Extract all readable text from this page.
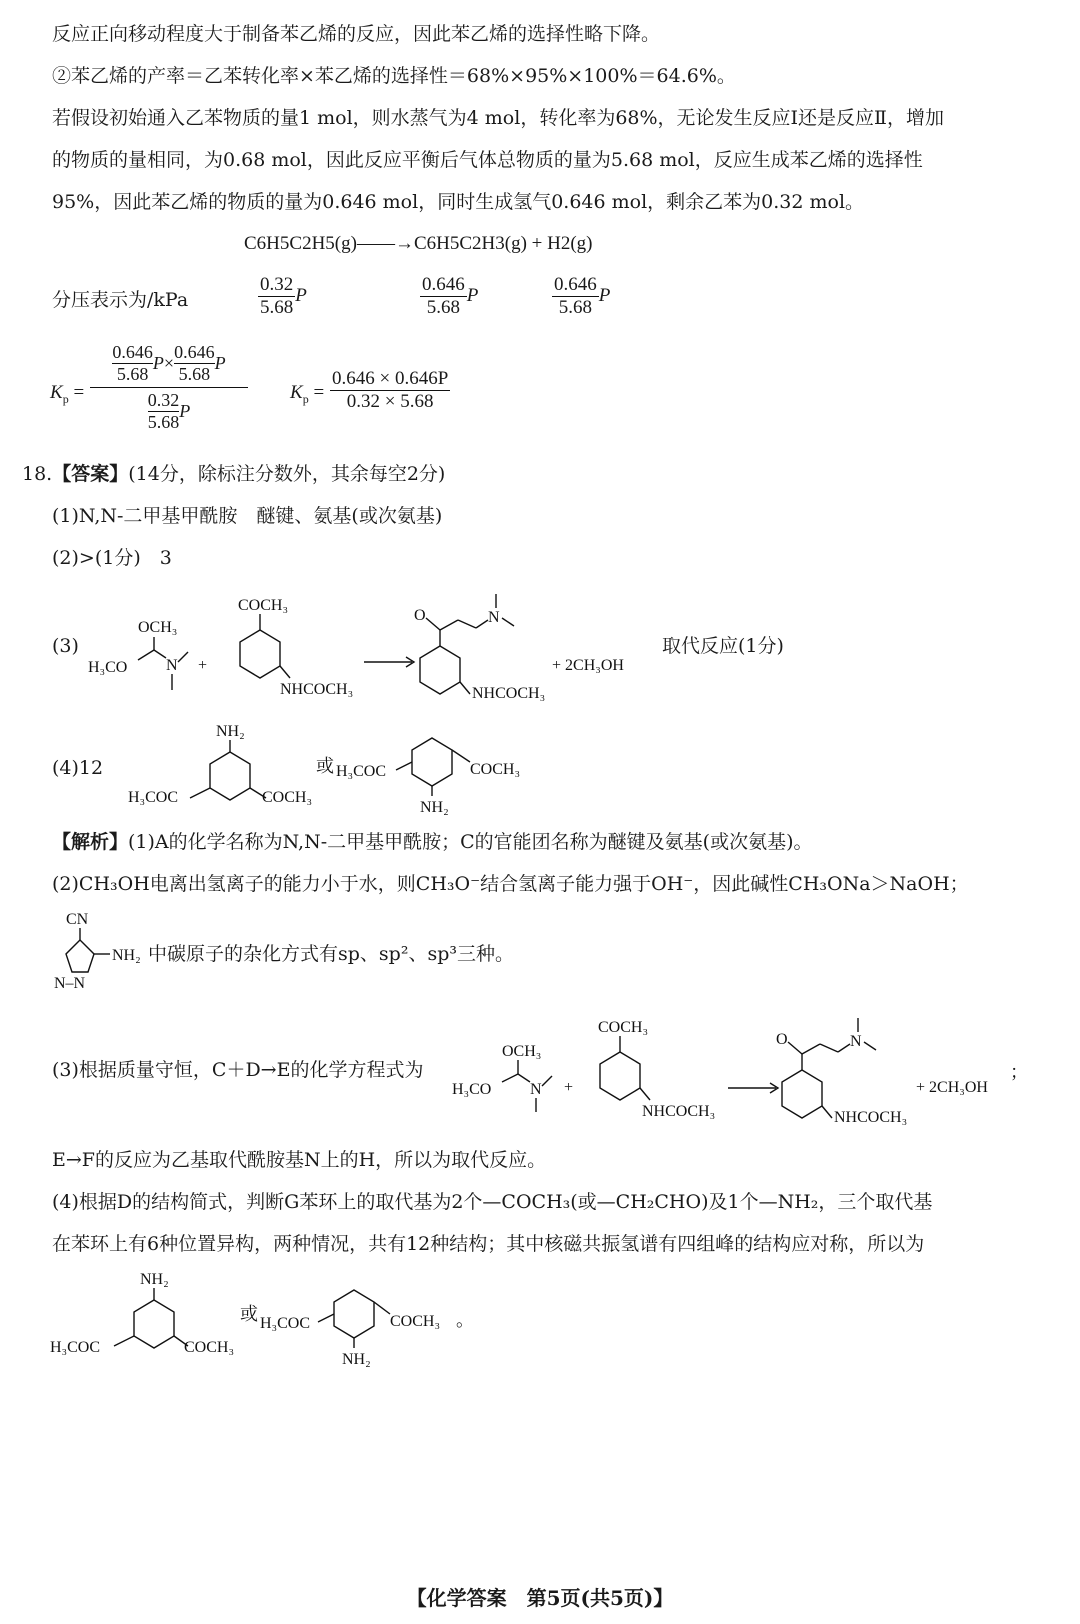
反应正向移动程度大于制备苯乙烯的反应，因此苯乙烯的选择性略下降。
②苯乙烯的产率＝乙苯转化率×苯乙烯的选择性＝68%×95%×100%＝64.6%。
若假设初始通入乙苯物质的量1 mol，则水蒸气为4 mol，转化率为68%，无论发生反应Ⅰ还是反应Ⅱ，增加
的物质的量相同，为0.68 mol，因此反应平衡后气体总物质的量为5.68 mol，反应生成苯乙烯的选择性
95%，因此苯乙烯的物质的量为0.646 mol，同时生成氢气0.646 mol，剩余乙苯为0.32 mol。
C6H5C2H5(g)——→C6H5C2H3(g) + H2(g)
分压表示为/kPa	$\frac{0.32}{5.68}$ P	$\frac{0.646}{5.68}$ P	$\frac{0.646}{5.68}$ P
$K_p$ =
0.646
5.68
$P \times \frac{0.646}{5.68}$ P
0.32
5.68
P
$K_p = \frac{0.646 \times 0.646P}{0.32 \times 5.68}$
18.【答案】(14分，除标注分数外，其余每空2分)
(1)N,N-二甲基甲酰胺　醚键、氨基(或次氨基)
(2)>(1分)　3
(3)	取代反应(1分)
OCH₃
H₃CO N +
COCH₃
NHCOCH₃
O	N
NHCOCH₃
+ 2CH₃OH
(4)12
NH₂
H₃COC	COCH₃
或 H₃COC	COCH₃
NH₂
【解析】(1)A的化学名称为N,N-二甲基甲酰胺；C的官能团名称为醚键及氨基(或次氨基)。
(2)CH₃OH电离出氢离子的能力小于水，则CH₃O⁻结合氢离子能力强于OH⁻，因此碱性CH₃ONa＞NaOH；
CN
N–N
NH₂ 中碳原子的杂化方式有sp、sp²、sp³三种。
(3)根据质量守恒，C＋D→E的化学方程式为
OCH₃
H₃CO N +
COCH₃
NHCOCH₃
O	N
NHCOCH₃
+ 2CH₃OH
；
E→F的反应为乙基取代酰胺基N上的H，所以为取代反应。
(4)根据D的结构简式，判断G苯环上的取代基为2个—COCH₃(或—CH₂CHO)及1个—NH₂，三个取代基
在苯环上有6种位置异构，两种情况，共有12种结构；其中核磁共振氢谱有四组峰的结构应对称，所以为
NH₂
H₃COC	COCH₃
或 H₃COC	COCH₃ 。
NH₂
【化学答案　第5页(共5页)】
